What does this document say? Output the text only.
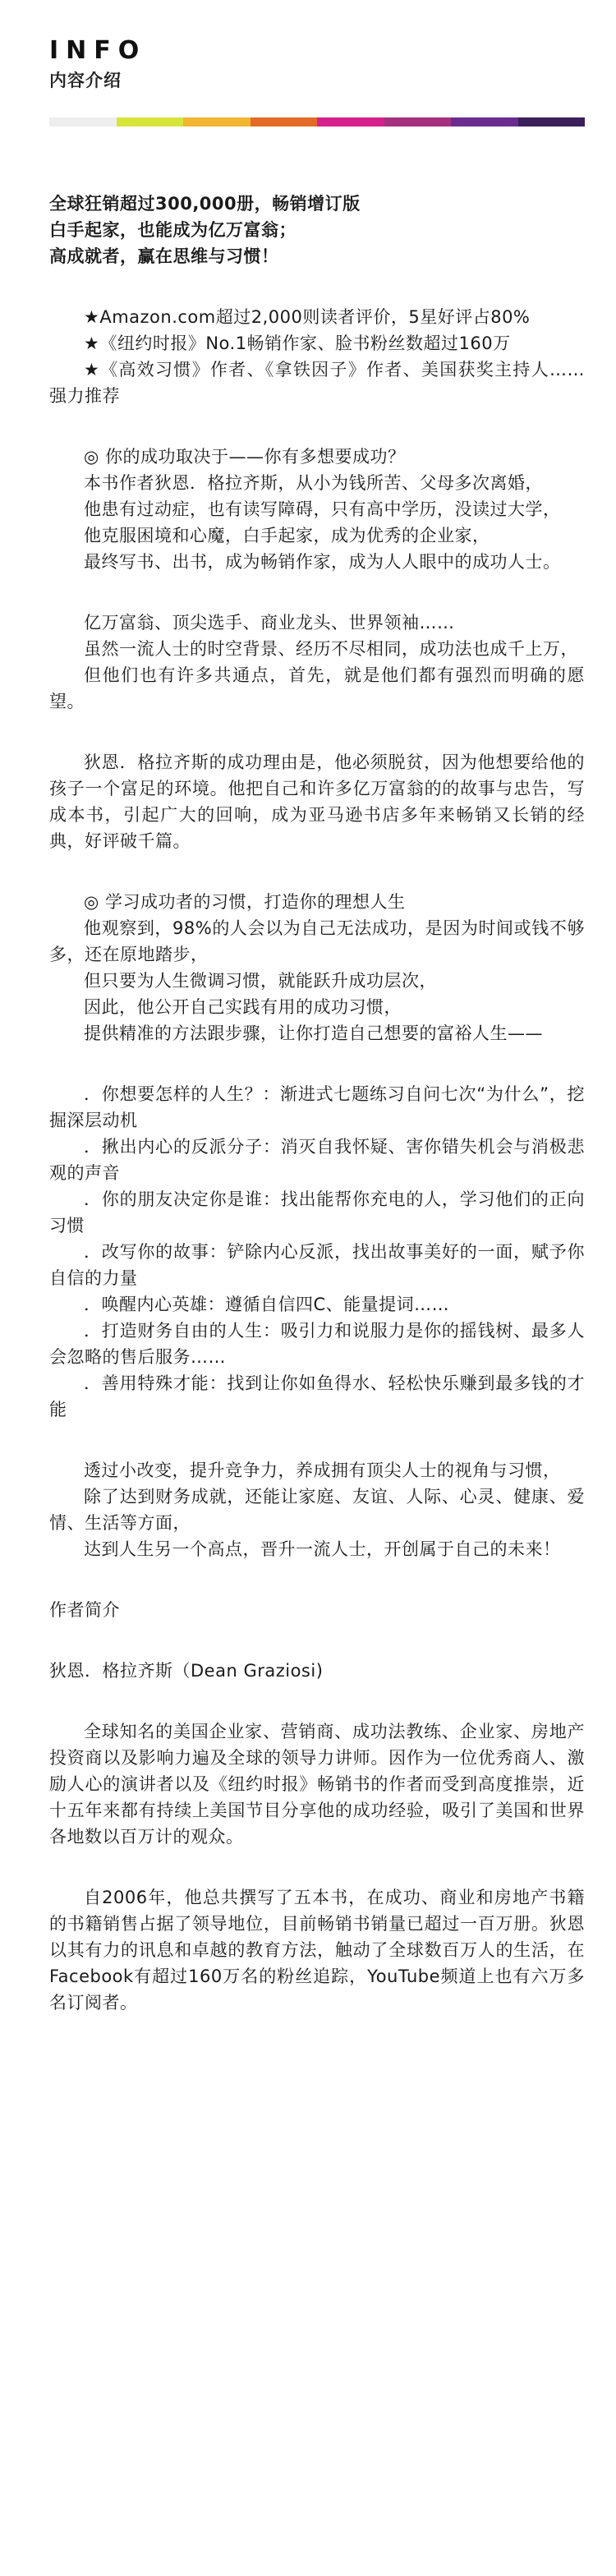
INFO
内容介绍

全球狂销超过300,000册，畅销增订版

白手起家，也能成为亿万富翁；

高成就者，赢在思维与习惯！

★Amazon.com超过2,000则读者评价，5星好评占80%

★《纽约时报》No.1畅销作家、脸书粉丝数超过160万

★《高效习惯》作者、《拿铁因子》作者、美国获奖主持人……强力推荐

◎ 你的成功取决于——你有多想要成功？

本书作者狄恩．格拉齐斯，从小为钱所苦、父母多次离婚，

他患有过动症，也有读写障碍，只有高中学历，没读过大学，

他克服困境和心魔，白手起家，成为优秀的企业家，

最终写书、出书，成为畅销作家，成为人人眼中的成功人士。

亿万富翁、顶尖选手、商业龙头、世界领袖……

虽然一流人士的时空背景、经历不尽相同，成功法也成千上万，

但他们也有许多共通点，首先，就是他们都有强烈而明确的愿望。

狄恩．格拉齐斯的成功理由是，他必须脱贫，因为他想要给他的孩子一个富足的环境。他把自己和许多亿万富翁的的故事与忠告，写成本书，引起广大的回响，成为亚马逊书店多年来畅销又长销的经典，好评破千篇。

◎ 学习成功者的习惯，打造你的理想人生

他观察到，98%的人会以为自己无法成功，是因为时间或钱不够多，还在原地踏步，

但只要为人生微调习惯，就能跃升成功层次，

因此，他公开自己实践有用的成功习惯，

提供精准的方法跟步骤，让你打造自己想要的富裕人生——

．你想要怎样的人生？：渐进式七题练习自问七次“为什么”，挖掘深层动机

．揪出内心的反派分子：消灭自我怀疑、害你错失机会与消极悲观的声音

．你的朋友决定你是谁：找出能帮你充电的人，学习他们的正向习惯

．改写你的故事：铲除内心反派，找出故事美好的一面，赋予你自信的力量

．唤醒内心英雄：遵循自信四C、能量提词……

．打造财务自由的人生：吸引力和说服力是你的摇钱树、最多人会忽略的售后服务……

．善用特殊才能：找到让你如鱼得水、轻松快乐赚到最多钱的才能

透过小改变，提升竞争力，养成拥有顶尖人士的视角与习惯，

除了达到财务成就，还能让家庭、友谊、人际、心灵、健康、爱情、生活等方面，

达到人生另一个高点，晋升一流人士，开创属于自己的未来！

作者简介

狄恩．格拉齐斯（Dean Graziosi)

全球知名的美国企业家、营销商、成功法教练、企业家、房地产投资商以及影响力遍及全球的领导力讲师。因作为一位优秀商人、激励人心的演讲者以及《纽约时报》畅销书的作者而受到高度推崇，近十五年来都有持续上美国节目分享他的成功经验，吸引了美国和世界各地数以百万计的观众。

自2006年，他总共撰写了五本书，在成功、商业和房地产书籍的书籍销售占据了领导地位，目前畅销书销量已超过一百万册。狄恩以其有力的讯息和卓越的教育方法，触动了全球数百万人的生活，在Facebook有超过160万名的粉丝追踪，YouTube频道上也有六万多名订阅者。
